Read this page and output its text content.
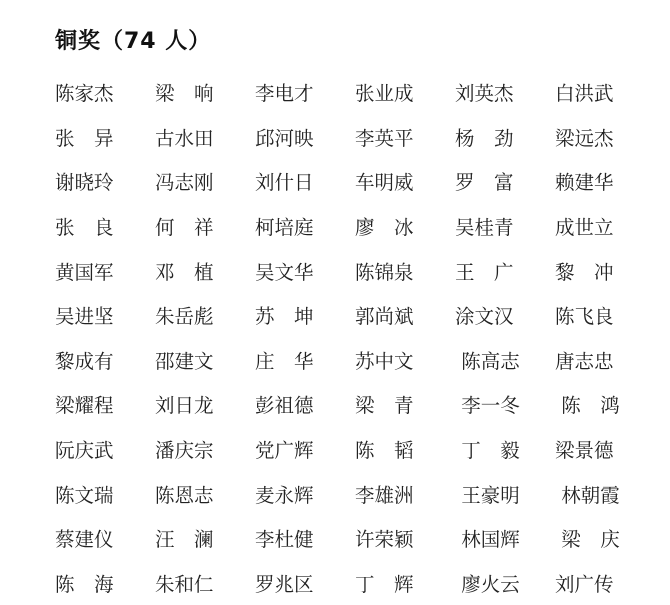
铜奖（74 人）
陈家杰	梁　响	李电才	张业成	刘英杰	白洪武
张　异	古水田	邱河映	李英平	杨　劲	梁远杰
谢晓玲	冯志刚	刘什日	车明威	罗　富	赖建华
张　良	何　祥	柯培庭	廖　冰	吴桂青	成世立
黄国军	邓　植	吴文华	陈锦泉	王　广	黎　冲
吴进坚	朱岳彪	苏　坤	郭尚斌	涂文汉	陈飞良
黎成有	邵建文	庄　华	苏中文	陈高志	唐志忠
梁耀程	刘日龙	彭祖德	梁　青	李一冬	陈　鸿
阮庆武	潘庆宗	党广辉	陈　韬	丁　毅	梁景德
陈文瑞	陈恩志	麦永辉	李雄洲	王豪明	林朝霞
蔡建仪	汪　澜	李杜健	许荣颖	林国辉	梁　庆
陈　海	朱和仁	罗兆区	丁　辉	廖火云	刘广传
